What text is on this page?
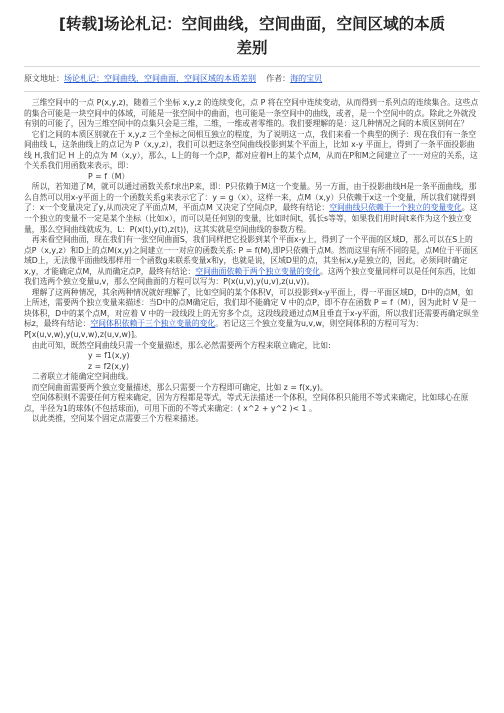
[转载]场论札记：空间曲线，空间曲面，空间区域的本质
差别
原文地址：场论札记：空间曲线，空间曲面，空间区域的本质差别 作者：海的宝贝

 三维空间中的一点 P(x,y,z)，随着三个坐标 x,y,z 的连续变化，点 P 将在空间中连续变动，从而得到一系列点的连续集合。这些点的集合可能是一块空间中的体域，可能是一张空间中的曲面，也可能是一条空间中的曲线，或者，是一个空间中的点。除此之外就没有别的可能了，因为三维空间中的点集只会是三维，二维，一维或者零维的。我们要理解的是：这几种情况之间的本质区别何在？

 它们之间的本质区别就在于 x,y,z 三个坐标之间相互独立的程度，为了说明这一点，我们来看一个典型的例子：现在我们有一条空间曲线 L，这条曲线上的点记为 P（x,y,z），我们可以把这条空间曲线投影到某个平面上，比如 x-y 平面上，得到了一条平面投影曲线 H,我们记 H 上的点为 M（x,y），那么，L上的每一个点P，都对应着H上的某个点M，从而在P和M之间建立了一一对应的关系，这个关系我们用函数来表示，即：

P = f（M）

 所以，若知道了M，就可以通过函数关系f求出P来，即：P只依赖于M这一个变量。另一方面，由于投影曲线H是一条平面曲线，那么自然可以用x-y平面上的一个函数关系g来表示它了：y = g（x），这样一来，点M（x,y）只依赖于x这一个变量，所以我们就得到了：x一个变量决定了y,从而决定了平面点M，平面点M 又决定了空间点P，最终有结论：空间曲线只依赖于一个独立的变量变化。这一个独立的变量不一定是某个坐标（比如x），而可以是任何别的变量，比如时间t，弧长s等等，如果我们用时间t来作为这个独立变量，那么空间曲线就成为，L：P(x(t),y(t),z(t))，这其实就是空间曲线的参数方程。

 再来看空间曲面，现在我们有一张空间曲面S，我们同样把它投影到某个平面x-y上，得到了一个平面的区域D，那么可以在S上的点P（x,y,z）和D上的点M(x,y)之间建立一一对应的函数关系: P = f(M),即P只依赖于点M。然而这里有所不同的是，点M位于平面区域D上，无法像平面曲线那样用一个函数g来联系变量x和y，也就是说，区域D里的点，其坐标x,y是独立的，因此，必须同时确定x,y，才能确定点M，从而确定点P，最终有结论：空间曲面依赖于两个独立变量的变化。这两个独立变量同样可以是任何东西，比如我们选两个独立变量u,v，那么空间曲面的方程可以写为：P(x(u,v),y(u,v),z(u,v))。

 理解了这两种情况，其余两种情况就好理解了，比如空间的某个体积V，可以投影到x-y平面上，得一平面区域D，D中的点M，如上所述，需要两个独立变量来描述：当D中的点M确定后，我们却不能确定 V 中的点P，即不存在函数 P = f（M），因为此时 V 是一块体积，D中的某个点M，对应着 V 中的一段线段上的无穷多个点，这段线段通过点M且垂直于x-y平面，所以我们还需要再确定纵坐标z，最终有结论：空间体积依赖于三个独立变量的变化。若记这三个独立变量为u,v,w，则空间体积的方程可写为：P[x(u,v,w),y(u,v,w),z(u,v,w)]。

 由此可知，既然空间曲线只需一个变量描述，那么必然需要两个方程来联立确定，比如:

y = f1(x,y)

z = f2(x,y)

 二者联立才能确定空间曲线。

 而空间曲面需要两个独立变量描述，那么只需要一个方程即可确定，比如 z = f(x,y)。

 空间体积则不需要任何方程来确定，因为方程都是等式，等式无法描述一个体积，空间体积只能用不等式来确定，比如球心在原点，半径为1的球体(不包括球面)，可用下面的不等式来确定：( x^2 + y^2 )< 1 。

 以此类推，空间某个固定点需要三个方程来描述。
